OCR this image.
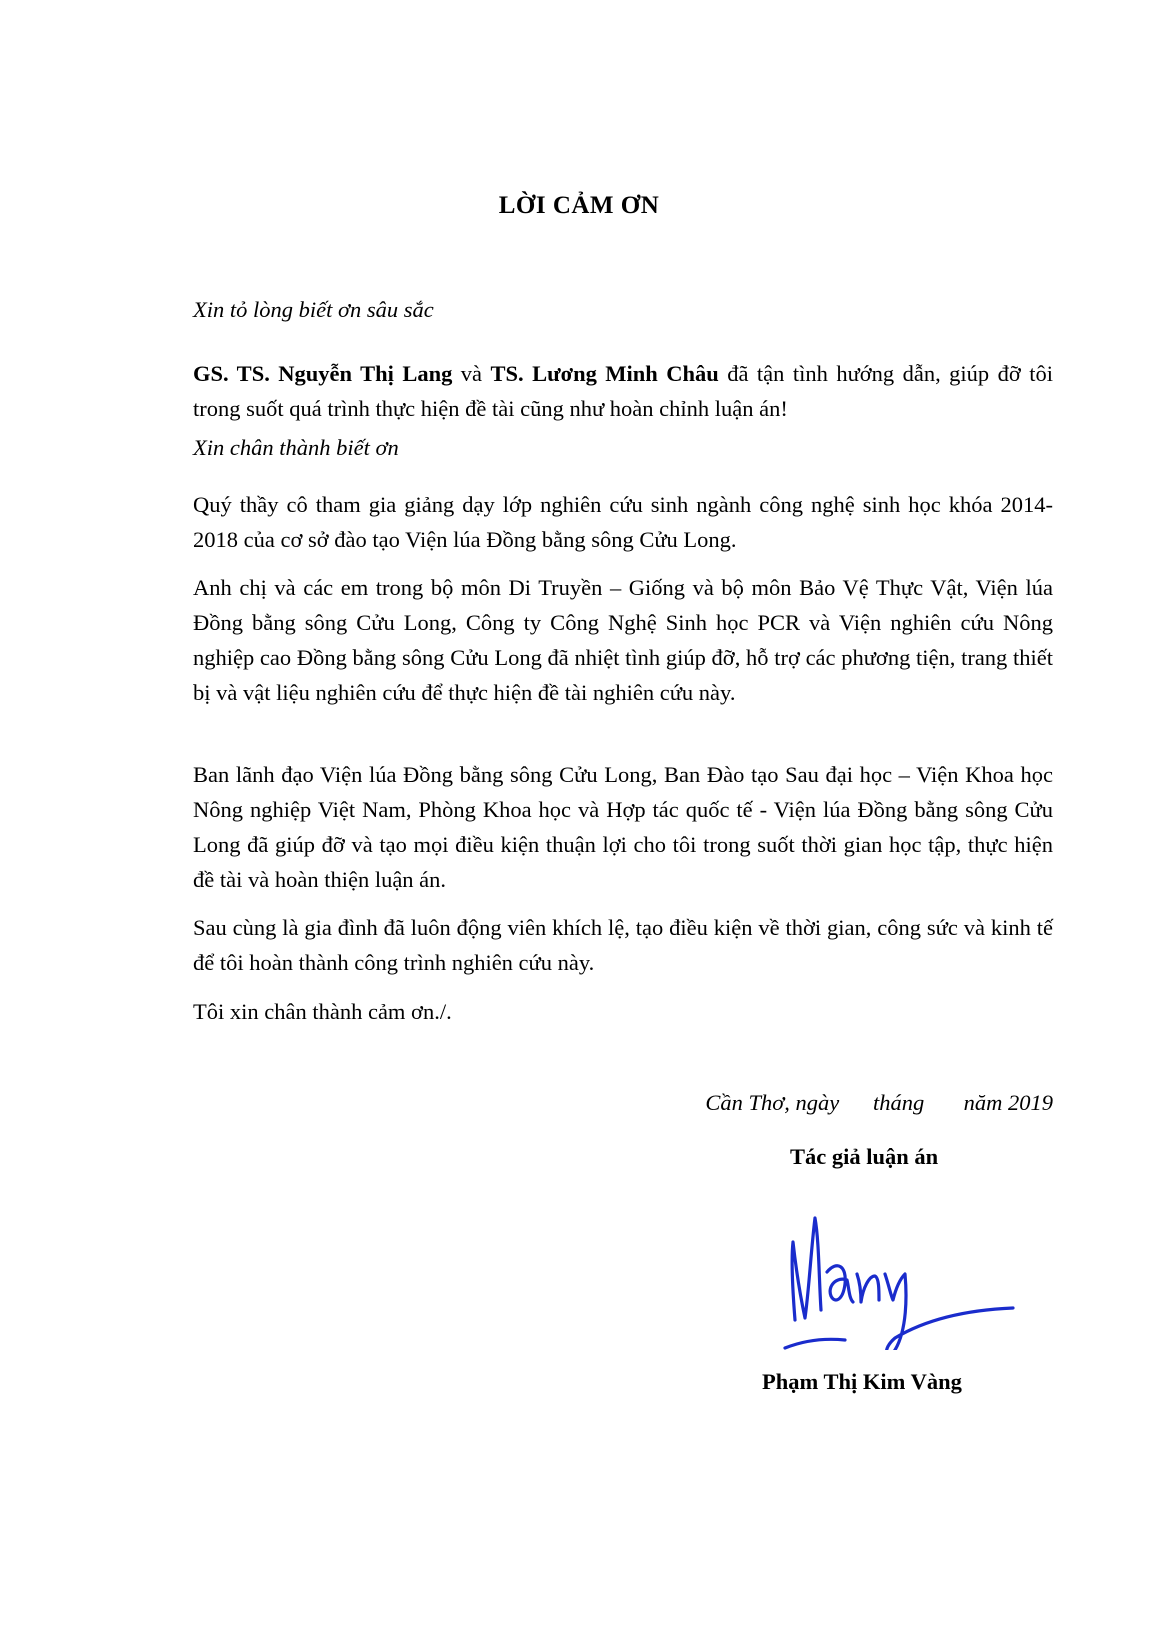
LỜI CẢM ƠN

Xin tỏ lòng biết ơn sâu sắc

GS. TS. Nguyễn Thị Lang và TS. Lương Minh Châu đã tận tình hướng dẫn, giúp đỡ tôi trong suốt quá trình thực hiện đề tài cũng như hoàn chỉnh luận án!

Xin chân thành biết ơn

Quý thầy cô tham gia giảng dạy lớp nghiên cứu sinh ngành công nghệ sinh học khóa 2014-2018 của cơ sở đào tạo Viện lúa Đồng bằng sông Cửu Long.

Anh chị và các em trong bộ môn Di Truyền – Giống và bộ môn Bảo Vệ Thực Vật, Viện lúa Đồng bằng sông Cửu Long, Công ty Công Nghệ Sinh học PCR và Viện nghiên cứu Nông nghiệp cao Đồng bằng sông Cửu Long đã nhiệt tình giúp đỡ, hỗ trợ các phương tiện, trang thiết bị và vật liệu nghiên cứu để thực hiện đề tài nghiên cứu này.

Ban lãnh đạo Viện lúa Đồng bằng sông Cửu Long, Ban Đào tạo Sau đại học – Viện Khoa học Nông nghiệp Việt Nam, Phòng Khoa học và Hợp tác quốc tế - Viện lúa Đồng bằng sông Cửu Long đã giúp đỡ và tạo mọi điều kiện thuận lợi cho tôi trong suốt thời gian học tập, thực hiện đề tài và hoàn thiện luận án.

Sau cùng là gia đình đã luôn động viên khích lệ, tạo điều kiện về thời gian, công sức và kinh tế để tôi hoàn thành công trình nghiên cứu này.

Tôi xin chân thành cảm ơn./.

Cần Thơ, ngày      tháng       năm 2019
Tác giả luận án
Phạm Thị Kim Vàng
